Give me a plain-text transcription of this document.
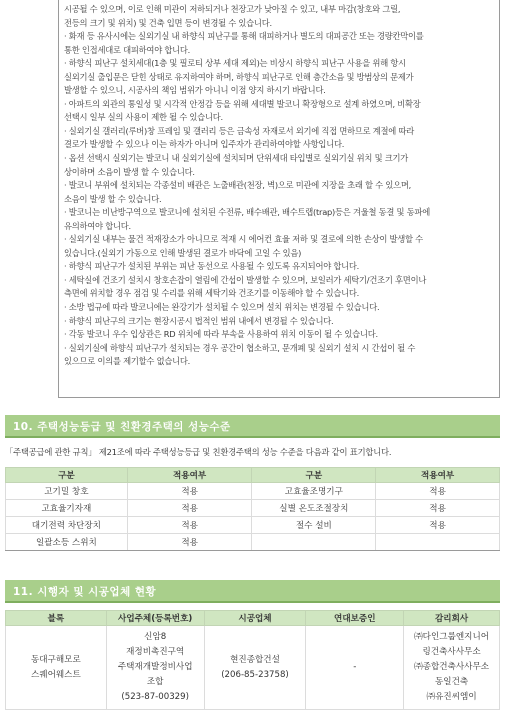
시공될 수 있으며, 이로 인해 미관이 저하되거나 천장고가 낮아질 수 있고, 내부 마감(창호와 그릴,
전등의 크기 및 위치) 및 건축 입면 등이 변경될 수 있습니다.
· 화재 등 유사시에는 실외기실 내 하향식 피난구를 통해 대피하거나 별도의 대피공간 또는 경량칸막이를
통한 인접세대로 대피하여야 합니다.
· 하향식 피난구 설치세대(1층 및 필로티 상부 세대 제외)는 비상시 하향식 피난구 사용을 위해 항시
실외기실 출입문은 닫힌 상태로 유지하여야 하며, 하향식 피난구로 인해 층간소음 및 방범상의 문제가
발생할 수 있으니, 시공사의 책임 범위가 아니니 이점 양지 하시기 바랍니다.
· 아파트의 외관의 통일성 및 시각적 안정감 등을 위해 세대별 발코니 확장형으로 설계 하였으며, 비확장
선택시 일부 실의 사용이 제한 될 수 있습니다.
· 실외기실 갤러리(루버)창 프레임 및 갤러리 등은 금속성 자재로서 외기에 직접 면하므로 계절에 따라
결로가 발생할 수 있으나 이는 하자가 아니며 입주자가 관리하여야할 사항입니다.
· 옵션 선택시 실외기는 발코니 내 실외기실에 설치되며 단위세대 타입별로 실외기실 위치 및 크기가
상이하며 소음이 발생 할 수 있습니다.
· 발코니 부위에 설치되는 각종설비 배관은 노출배관(천장, 벽)으로 미관에 지장을 초래 할 수 있으며,
소음이 발생 할 수 있습니다.
· 발코니는 비난방구역으로 발코니에 설치된 수전류, 배수배관, 배수트랩(trap)등은 겨울철 동결 및 동파에
유의하여야 합니다.
· 실외기실 내부는 물건 적재장소가 아니므로 적재 시 에어컨 효율 저하 및 결로에 의한 손상이 발생할 수
있습니다.(실외기 가동으로 인해 발생된 결로가 바닥에 고일 수 있음)
· 하향식 피난구가 설치된 부위는 피난 동선으로 사용될 수 있도록 유지되어야 합니다.
· 세탁실에 건조기 설치시 창호손잡이 열림에 간섭이 발생할 수 있으며, 보일러가 세탁기/건조기 후면이나
측면에 위치할 경우 점검 및 수리를 위해 세탁기와 건조기를 이동해야 할 수 있습니다.
· 소방 법규에 따라 발코니에는 완강기가 설치될 수 있으며 설치 위치는 변경될 수 있습니다.
· 하향식 피난구의 크기는 현장시공시 법적인 범위 내에서 변경될 수 있습니다.
· 각동 발코니 우수 입상관은 RD 위치에 따라 부속을 사용하여 위치 이동이 될 수 있습니다.
· 실외기실에 하향식 피난구가 설치되는 경우 공간이 협소하고, 문개폐 및 실외기 설치 시 간섭이 될 수
있으므로 이의를 제기할수 없습니다.
10. 주택성능등급 및 친환경주택의 성능수준
「주택공급에 관한 규칙」 제21조에 따라 주택성능등급 및 친환경주택의 성능 수준을 다음과 같이 표기합니다.
구분	적용여부	구분	적용여부
고기밀 창호	적용	고효율조명기구	적용
고효율기자재	적용	실별 온도조절장치	적용
대기전력 차단장치	적용	절수 설비	적용
일괄소등 스위치	적용		
11. 시행자 및 시공업체 현황
블록	사업주체(등록번호)	시공업체	연대보증인	감리회사

동대구해모로
스퀘어웨스트	신암8
재정비촉진구역
주택재개발정비사업
조합
(523-87-00329)	현진종합건설
(206-85-23758)	-	㈜다인그룹엔지니어
링건축사사무소
㈜종합건축사사무소
동일건축
㈜유진씨엠이
